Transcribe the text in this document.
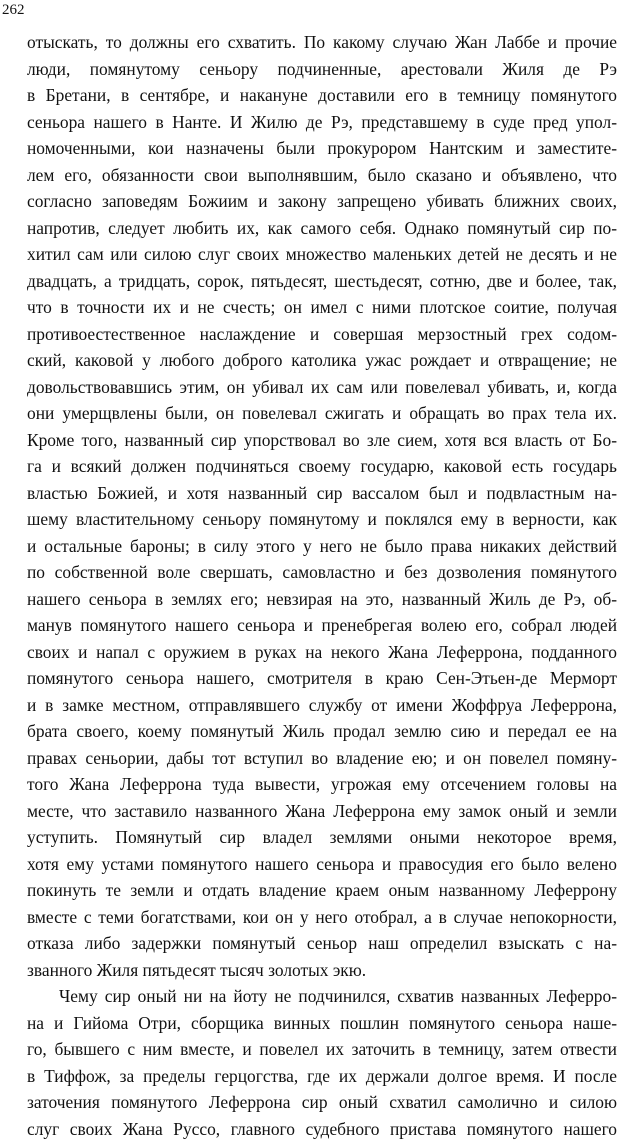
262

отыскать, то должны его схватить. По какому случаю Жан Лаббе и прочие
люди, помянутому сеньору подчиненные, арестовали Жиля де Рэ
в Бретани, в сентябре, и накануне доставили его в темницу помянутого
сеньора нашего в Нанте. И Жилю де Рэ, представшему в суде пред упол-
номоченными, кои назначены были прокурором Нантским и заместите-
лем его, обязанности свои выполнявшим, было сказано и объявлено, что
согласно заповедям Божиим и закону запрещено убивать ближних своих,
напротив, следует любить их, как самого себя. Однако помянутый сир по-
хитил сам или силою слуг своих множество маленьких детей не десять и не
двадцать, а тридцать, сорок, пятьдесят, шестьдесят, сотню, две и более, так,
что в точности их и не счесть; он имел с ними плотское соитие, получая
противоестественное наслаждение и совершая мерзостный грех содом-
ский, каковой у любого доброго католика ужас рождает и отвращение; не
довольствовавшись этим, он убивал их сам или повелевал убивать, и, когда
они умерщвлены были, он повелевал сжигать и обращать во прах тела их.
Кроме того, названный сир упорствовал во зле сием, хотя вся власть от Бо-
га и всякий должен подчиняться своему государю, каковой есть государь
властью Божией, и хотя названный сир вассалом был и подвластным на-
шему властительному сеньору помянутому и поклялся ему в верности, как
и остальные бароны; в силу этого у него не было права никаких действий
по собственной воле свершать, самовластно и без дозволения помянутого
нашего сеньора в землях его; невзирая на это, названный Жиль де Рэ, об-
манув помянутого нашего сеньора и пренебрегая волею его, собрал людей
своих и напал с оружием в руках на некого Жана Леферрона, подданного
помянутого сеньора нашего, смотрителя в краю Сен-Этьен-де Мерморт
и в замке местном, отправлявшего службу от имени Жоффруа Леферрона,
брата своего, коему помянутый Жиль продал землю сию и передал ее на
правах сеньории, дабы тот вступил во владение ею; и он повелел помяну-
того Жана Леферрона туда вывести, угрожая ему отсечением головы на
месте, что заставило названного Жана Леферрона ему замок оный и земли
уступить. Помянутый сир владел землями оными некоторое время,
хотя ему устами помянутого нашего сеньора и правосудия его было велено
покинуть те земли и отдать владение краем оным названному Леферрону
вместе с теми богатствами, кои он у него отобрал, а в случае непокорности,
отказа либо задержки помянутый сеньор наш определил взыскать с на-
званного Жиля пятьдесят тысяч золотых экю.
Чему сир оный ни на йоту не подчинился, схватив названных Леферро-
на и Гийома Отри, сборщика винных пошлин помянутого сеньора наше-
го, бывшего с ним вместе, и повелел их заточить в темницу, затем отвести
в Тиффож, за пределы герцогства, где их держали долгое время. И после
заточения помянутого Леферрона сир оный схватил самолично и силою
слуг своих Жана Руссо, главного судебного пристава помянутого нашего
